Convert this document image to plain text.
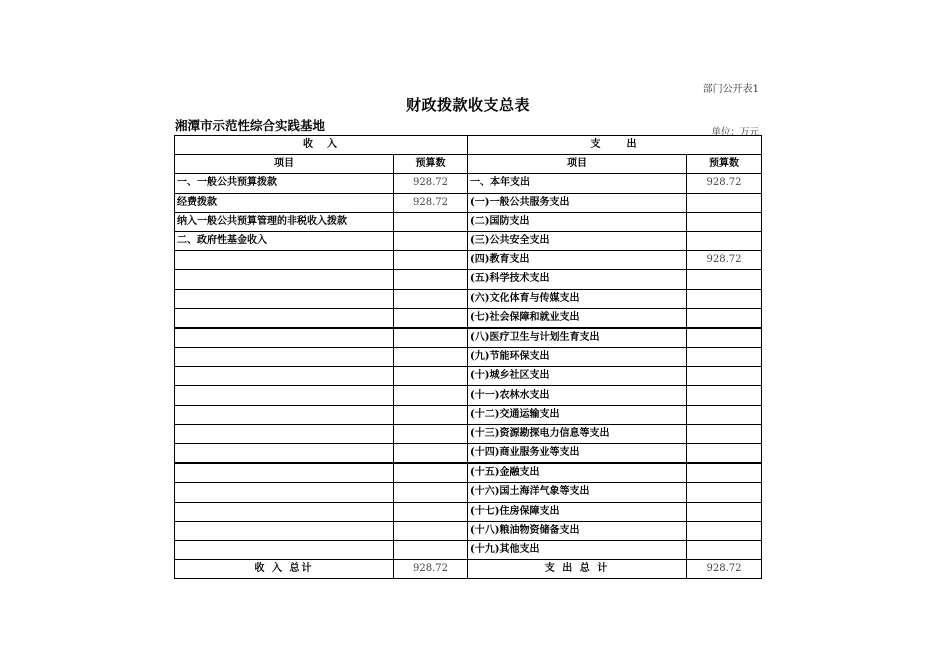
部门公开表1
财政拨款收支总表
湘潭市示范性综合实践基地	单位：万元
收　入		支　　出	
项目	预算数	项目	预算数
一、一般公共预算拨款	928.72	一、本年支出	928.72
经费拨款	928.72	(一)一般公共服务支出	
纳入一般公共预算管理的非税收入拨款		(二)国防支出	
二、政府性基金收入		(三)公共安全支出	
		(四)教育支出	928.72
		(五)科学技术支出	
		(六)文化体育与传媒支出	
		(七)社会保障和就业支出	
		(八)医疗卫生与计划生育支出	
		(九)节能环保支出	
		(十)城乡社区支出	
		(十一)农林水支出	
		(十二)交通运输支出	
		(十三)资源勘探电力信息等支出	
		(十四)商业服务业等支出	
		(十五)金融支出	
		(十六)国土海洋气象等支出	
		(十七)住房保障支出	
		(十八)粮油物资储备支出	
		(十九)其他支出	
收 入 总计	928.72	支 出 总 计	928.72
